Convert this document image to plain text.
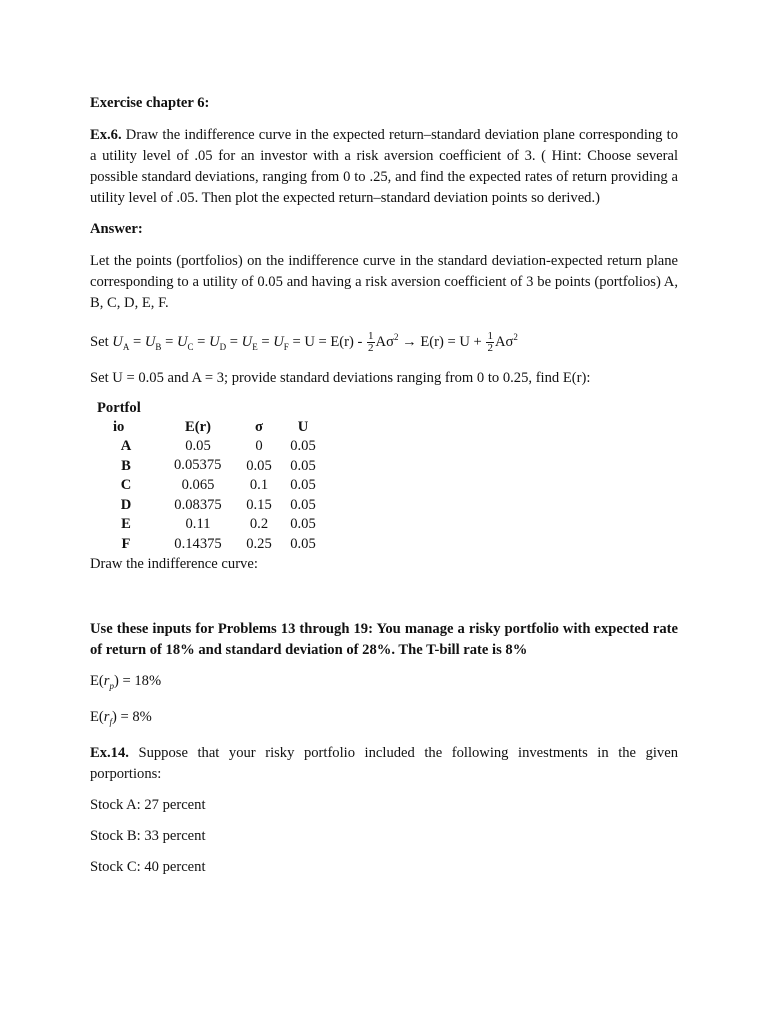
Exercise chapter 6:

Ex.6. Draw the indifference curve in the expected return–standard deviation plane corresponding to a utility level of .05 for an investor with a risk aversion coefficient of 3. ( Hint: Choose several possible standard deviations, ranging from 0 to .25, and find the expected rates of return providing a utility level of .05. Then plot the expected return–standard deviation points so derived.)

Answer:

Let the points (portfolios) on the indifference curve in the standard deviation-expected return plane corresponding to a utility of 0.05 and having a risk aversion coefficient of 3 be points (portfolios) A, B, C, D, E, F.

Set $U_A = U_B = U_C = U_D = U_E = U_F = U = E(r) - \frac{1}{2} A\sigma^2 \to E(r) = U + \frac{1}{2} A\sigma^2$

Set U = 0.05 and A = 3; provide standard deviations ranging from 0 to 0.25, find E(r):

Portfol
io	E(r)	σ	U
A	0.05	0	0.05
B	0.05375	0.05	0.05
C	0.065	0.1	0.05
D	0.08375	0.15	0.05
E	0.11	0.2	0.05
F	0.14375	0.25	0.05

Draw the indifference curve:

Use these inputs for Problems 13 through 19: You manage a risky portfolio with expected rate of return of 18% and standard deviation of 28%. The T-bill rate is 8%

$E(r_p) = 18\%$

$E(r_f) = 8\%$

Ex.14. Suppose that your risky portfolio included the following investments in the given porportions:

Stock A: 27 percent

Stock B: 33 percent

Stock C: 40 percent
